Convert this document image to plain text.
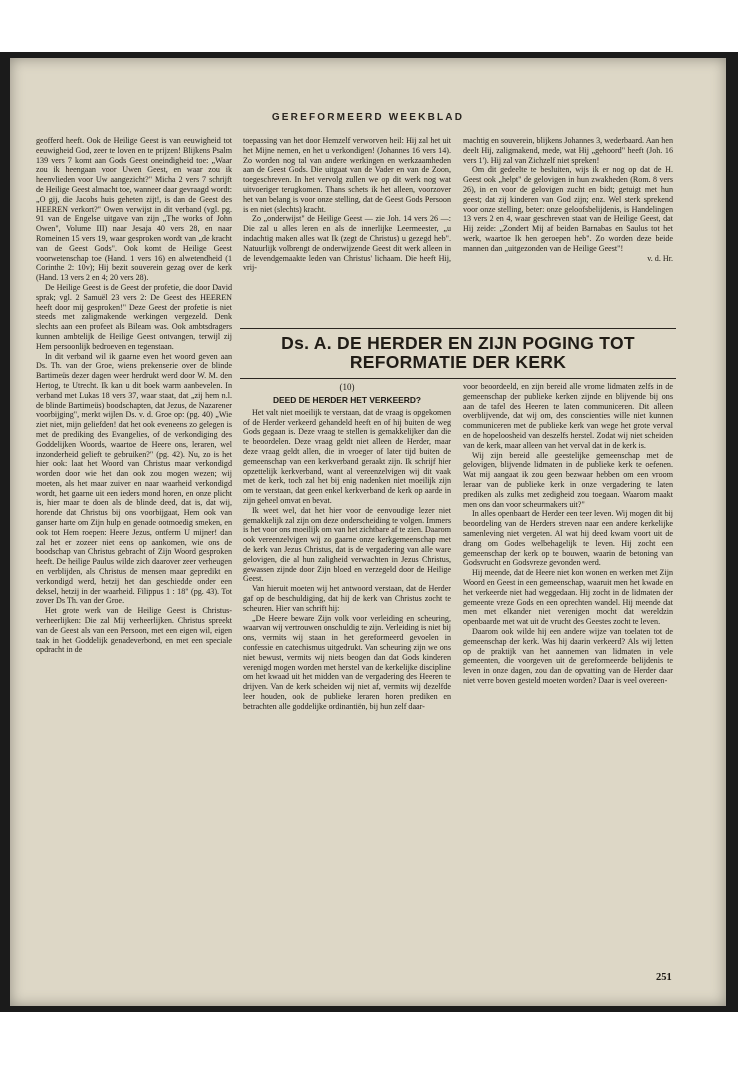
GEREFORMEERD WEEKBLAD

geofferd heeft. Ook de Heilige Geest is van eeuwigheid tot eeuwigheid God, zeer te loven en te prijzen! Blijkens Psalm 139 vers 7 komt aan Gods Geest oneindigheid toe: „Waar zou ik heengaan voor Uwen Geest, en waar zou ik heenvlieden voor Uw aangezicht?" Micha 2 vers 7 schrijft de Heilige Geest almacht toe, wanneer daar gevraagd wordt: „O gij, die Jacobs huis geheten zijt!, is dan de Geest des HEEREN verkort?" Owen verwijst in dit verband (vgl. pg. 91 van de Engelse uitgave van zijn „The works of John Owen", Volume III) naar Jesaja 40 vers 28, en naar Romeinen 15 vers 19, waar gesproken wordt van „de kracht van de Geest Gods". Ook komt de Heilige Geest voorwetenschap toe (Hand. 1 vers 16) en alwetendheid (1 Corinthe 2: 10v); Hij bezit souverein gezag over de kerk (Hand. 13 vers 2 en 4; 20 vers 28).

De Heilige Geest is de Geest der profetie, die door David sprak; vgl. 2 Samuël 23 vers 2: De Geest des HEEREN heeft door mij gesproken!" Deze Geest der profetie is niet steeds met zaligmakende werkingen vergezeld. Denk slechts aan een profeet als Bileam was. Ook ambtsdragers kunnen ambtelijk de Heilige Geest ontvangen, terwijl zij Hem persoonlijk bedroeven en tegenstaan.

In dit verband wil ik gaarne even het woord geven aan Ds. Th. van der Groe, wiens prekenserie over de blinde Bartimeüs dezer dagen weer herdrukt werd door W. M. den Hertog, te Utrecht. Ik kan u dit boek warm aanbevelen. In verband met Lukas 18 vers 37, waar staat, dat „zij hem n.l. de blinde Bartimeüs) boodschapten, dat Jezus, de Nazarener voorbijging", merkt wijlen Ds. v. d. Groe op: (pg. 40) „Wie ziet niet, mijn geliefden! dat het ook eveneens zo gelegen is met de prediking des Evangelies, of de verkondiging des Goddelijken Woords, waartoe de Heere ons, leraren, wel inzonderheid gelieft te gebruiken?" (pg. 42). Nu, zo is het hier ook: laat het Woord van Christus maar verkondigd worden door wie het dan ook zou mogen wezen; wij moeten, als het maar zuiver en naar waarheid verkondigd wordt, het gaarne uit een ieders mond horen, en onze plicht is, hier maar te doen als de blinde deed, dat is, dat wij, horende dat Christus bij ons voorbijgaat, Hem ook van ganser harte om Zijn hulp en genade ootmoedig smeken, en ook tot Hem roepen: Heere Jezus, ontferm U mijner! dan zal het er zozeer niet eens op aankomen, wie ons de boodschap van Christus gebracht of Zijn Woord gesproken heeft. De heilige Paulus wilde zich daarover zeer verheugen en verblijden, als Christus de mensen maar gepredikt en verkondigd werd, hetzij het dan geschiedde onder een deksel, hetzij in der waarheid. Filippus 1 : 18" (pg. 43). Tot zover Ds Th. van der Groe.

Het grote werk van de Heilige Geest is Christus-verheerlijken: Die zal Mij verheerlijken. Christus spreekt van de Geest als van een Persoon, met een eigen wil, eigen taak in het Goddelijk genadeverbond, en met een speciale opdracht in de

toepassing van het door Hemzelf verworven heil: Hij zal het uit het Mijne nemen, en het u verkondigen! (Johannes 16 vers 14). Zo worden nog tal van andere werkingen en werkzaamheden aan de Geest Gods. Die uitgaat van de Vader en van de Zoon, toegeschreven. In het vervolg zullen we op dit werk nog wat uitvoeriger terugkomen. Thans schets ik het alleen, voorzover het van belang is voor onze stelling, dat de Geest Gods Persoon is en niet (slechts) kracht.

Zo „onderwijst" de Heilige Geest — zie Joh. 14 vers 26 —: Die zal u alles leren en als de innerlijke Leermeester, „u indachtig maken alles wat Ik (zegt de Christus) u gezegd heb". Natuurlijk volbrengt de onderwijzende Geest dit werk alleen in de levendgemaakte leden van Christus' lichaam. Die heeft Hij, vrij-

machtig en souverein, blijkens Johannes 3, wederbaard. Aan hen deelt Hij, zaligmakend, mede, wat Hij „gehoord" heeft (Joh. 16 vers 1'). Hij zal van Zichzelf niet spreken!

Om dit gedeelte te besluiten, wijs ik er nog op dat de H. Geest ook „helpt" de gelovigen in hun zwakheden (Rom. 8 vers 26), in en voor de gelovigen zucht en bidt; getuigt met hun geest; dat zij kinderen van God zijn; enz. Wel sterk sprekend voor onze stelling, beter: onze geloofsbelijdenis, is Handelingen 13 vers 2 en 4, waar geschreven staat van de Heilige Geest, dat Hij zeide: „Zondert Mij af beiden Barnabas en Saulus tot het werk, waartoe Ik hen geroepen heb". Zo worden deze beide mannen dan „uitgezonden van de Heilige Geest"!

v. d. Hr.
Ds. A. DE HERDER EN ZIJN POGING TOT REFORMATIE DER KERK
(10)
DEED DE HERDER HET VERKEERD?

Het valt niet moeilijk te verstaan, dat de vraag is opgekomen of de Herder verkeerd gehandeld heeft en of hij buiten de weg Gods gegaan is. Deze vraag te stellen is gemakkelijker dan die te beoordelen. Deze vraag geldt niet alleen de Herder, maar deze vraag geldt allen, die in vroeger of later tijd buiten de gemeenschap van een kerkverband geraakt zijn. Ik schrijf hier opzettelijk kerkverband, want al vereenzelvigen wij dit vaak met de kerk, toch zal het bij enig nadenken niet moeilijk zijn om te verstaan, dat geen enkel kerkverband de kerk op aarde in zijn geheel omvat en bevat.

Ik weet wel, dat het hier voor de eenvoudige lezer niet gemakkelijk zal zijn om deze onderscheiding te volgen. Immers is het voor ons moeilijk om van het zichtbare af te zien. Daarom ook vereenzelvigen wij zo gaarne onze kerkgemeenschap met de kerk van Jezus Christus, dat is de vergadering van alle ware gelovigen, die al hun zaligheid verwachten in Jezus Christus, gewassen zijnde door Zijn bloed en verzegeld door de Heilige Geest.

Van hieruit moeten wij het antwoord verstaan, dat de Herder gaf op de beschuldiging, dat hij de kerk van Christus zocht te scheuren. Hier van schrift hij:

„De Heere beware Zijn volk voor verleiding en scheuring, waarvan wij vertrouwen onschuldig te zijn. Verleiding is niet bij ons, vermits wij staan in het gereformeerd gevoelen in confessie en catechismus uitgedrukt. Van scheuring zijn we ons niet bewust, vermits wij niets beogen dan dat Gods kinderen verenigd mogen worden met herstel van de kerkelijke discipline om het kwaad uit het midden van de vergadering des Heeren te drijven. Van de kerk scheiden wij niet af, vermits wij dezelfde leer houden, ook de publieke leraren horen prediken en betrachten alle goddelijke ordinantiën, bij hun zelf daar-

voor beoordeeld, en zijn bereid alle vrome lidmaten zelfs in de gemeenschap der publieke kerken zijnde en blijvende bij ons aan de tafel des Heeren te laten communiceren. Dit alleen overblijvende, dat wij om, des conscienties wille niet kunnen communiceren met de publieke kerk van wege het grote verval en de hopeloosheid van deszelfs herstel. Zodat wij niet scheiden van de kerk, maar alleen van het verval dat in de kerk is.

Wij zijn bereid alle geestelijke gemeenschap met de gelovigen, blijvende lidmaten in de publieke kerk te oefenen. Wat mij aangaat ik zou geen bezwaar hebben om een vroom leraar van de publieke kerk in onze vergadering te laten prediken als zulks met zedigheid zou toegaan. Waarom maakt men ons dan voor scheurmakers uit?"

In alles openbaart de Herder een teer leven. Wij mogen dit bij beoordeling van de Herders streven naar een andere kerkelijke samenleving niet vergeten. Al wat hij deed kwam voort uit de drang om Godes welbehagelijk te leven. Hij zocht een gemeenschap der kerk op te bouwen, waarin de betoning van Godsvrucht en Godsvreze gevonden werd.

Hij meende, dat de Heere niet kon wonen en werken met Zijn Woord en Geest in een gemeenschap, waaruit men het kwade en het verkeerde niet had weggedaan. Hij zocht in de lidmaten der gemeente vreze Gods en een oprechten wandel. Hij meende dat men met elkander niet verenigen mocht dat wereldzin openbaarde met wat uit de vrucht des Geestes zocht te leven.

Daarom ook wilde hij een andere wijze van toelaten tot de gemeenschap der kerk. Was hij daarin verkeerd? Als wij letten op de praktijk van het aannemen van lidmaten in vele gemeenten, die voorgeven uit de gereformeerde belijdenis te leven in onze dagen, zou dan de opvatting van de Herder daar niet verre boven gesteld moeten worden? Daar is veel overeen-

251
